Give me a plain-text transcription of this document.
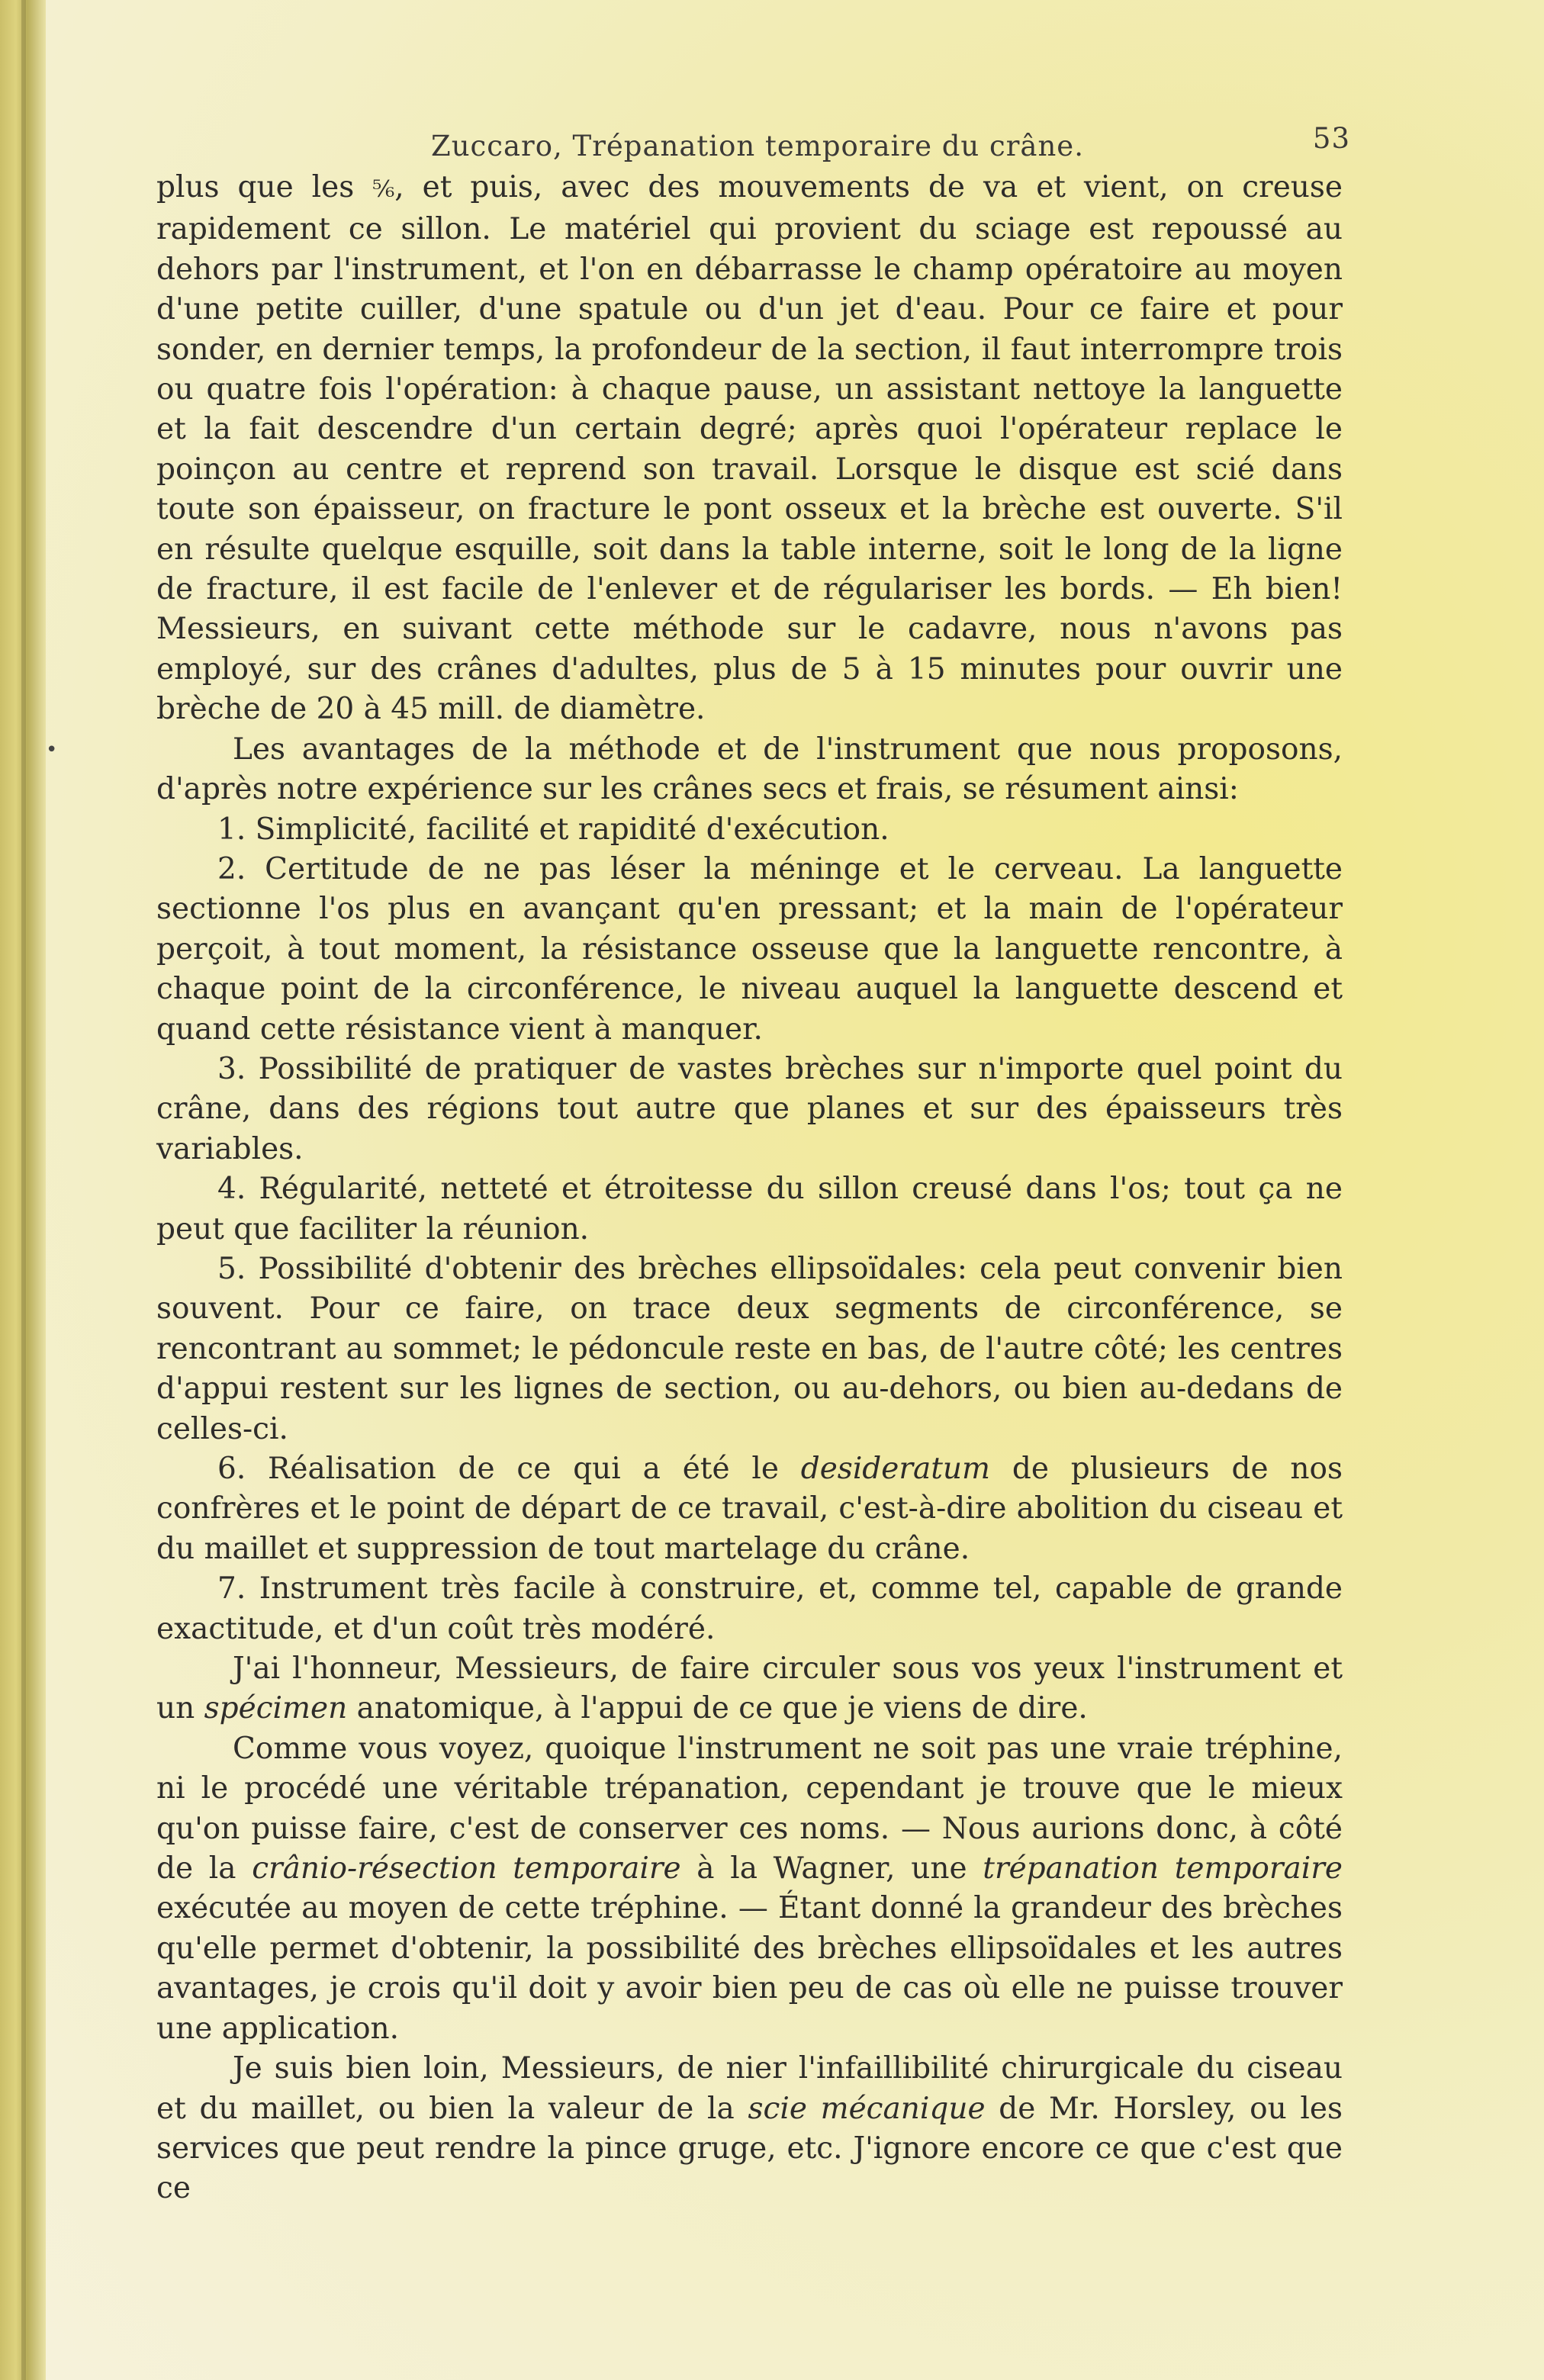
•
Zuccaro, Trépanation temporaire du crâne.	53

plus que les ⁵⁄₆, et puis, avec des mouvements de va et vient, on creuse rapidement ce sillon. Le matériel qui provient du sciage est repoussé au dehors par l'instrument, et l'on en débarrasse le champ opératoire au moyen d'une petite cuiller, d'une spatule ou d'un jet d'eau. Pour ce faire et pour sonder, en dernier temps, la profondeur de la section, il faut interrompre trois ou quatre fois l'opération: à chaque pause, un assistant nettoye la languette et la fait descendre d'un certain degré; après quoi l'opérateur replace le poinçon au centre et reprend son travail. Lorsque le disque est scié dans toute son épaisseur, on fracture le pont osseux et la brèche est ouverte. S'il en résulte quelque esquille, soit dans la table interne, soit le long de la ligne de fracture, il est facile de l'enlever et de régulariser les bords. — Eh bien! Messieurs, en suivant cette méthode sur le cadavre, nous n'avons pas employé, sur des crânes d'adultes, plus de 5 à 15 minutes pour ouvrir une brèche de 20 à 45 mill. de diamètre.

Les avantages de la méthode et de l'instrument que nous proposons, d'après notre expérience sur les crânes secs et frais, se résument ainsi:

1. Simplicité, facilité et rapidité d'exécution.

2. Certitude de ne pas léser la méninge et le cerveau. La languette sectionne l'os plus en avançant qu'en pressant; et la main de l'opérateur perçoit, à tout moment, la résistance osseuse que la languette rencontre, à chaque point de la circonférence, le niveau auquel la languette descend et quand cette résistance vient à manquer.

3. Possibilité de pratiquer de vastes brèches sur n'importe quel point du crâne, dans des régions tout autre que planes et sur des épaisseurs très variables.

4. Régularité, netteté et étroitesse du sillon creusé dans l'os; tout ça ne peut que faciliter la réunion.

5. Possibilité d'obtenir des brèches ellipsoïdales: cela peut convenir bien souvent. Pour ce faire, on trace deux segments de circonférence, se rencontrant au sommet; le pédoncule reste en bas, de l'autre côté; les centres d'appui restent sur les lignes de section, ou au-dehors, ou bien au-dedans de celles-ci.

6. Réalisation de ce qui a été le desideratum de plusieurs de nos confrères et le point de départ de ce travail, c'est-à-dire abolition du ciseau et du maillet et suppression de tout martelage du crâne.

7. Instrument très facile à construire, et, comme tel, capable de grande exactitude, et d'un coût très modéré.

J'ai l'honneur, Messieurs, de faire circuler sous vos yeux l'instrument et un spécimen anatomique, à l'appui de ce que je viens de dire.

Comme vous voyez, quoique l'instrument ne soit pas une vraie tréphine, ni le procédé une véritable trépanation, cependant je trouve que le mieux qu'on puisse faire, c'est de conserver ces noms. — Nous aurions donc, à côté de la crânio-résection temporaire à la Wagner, une trépanation temporaire exécutée au moyen de cette tréphine. — Étant donné la grandeur des brèches qu'elle permet d'obtenir, la possibilité des brèches ellipsoïdales et les autres avantages, je crois qu'il doit y avoir bien peu de cas où elle ne puisse trouver une application.

Je suis bien loin, Messieurs, de nier l'infaillibilité chirurgicale du ciseau et du maillet, ou bien la valeur de la scie mécanique de Mr. Horsley, ou les services que peut rendre la pince gruge, etc. J'ignore encore ce que c'est que ce
